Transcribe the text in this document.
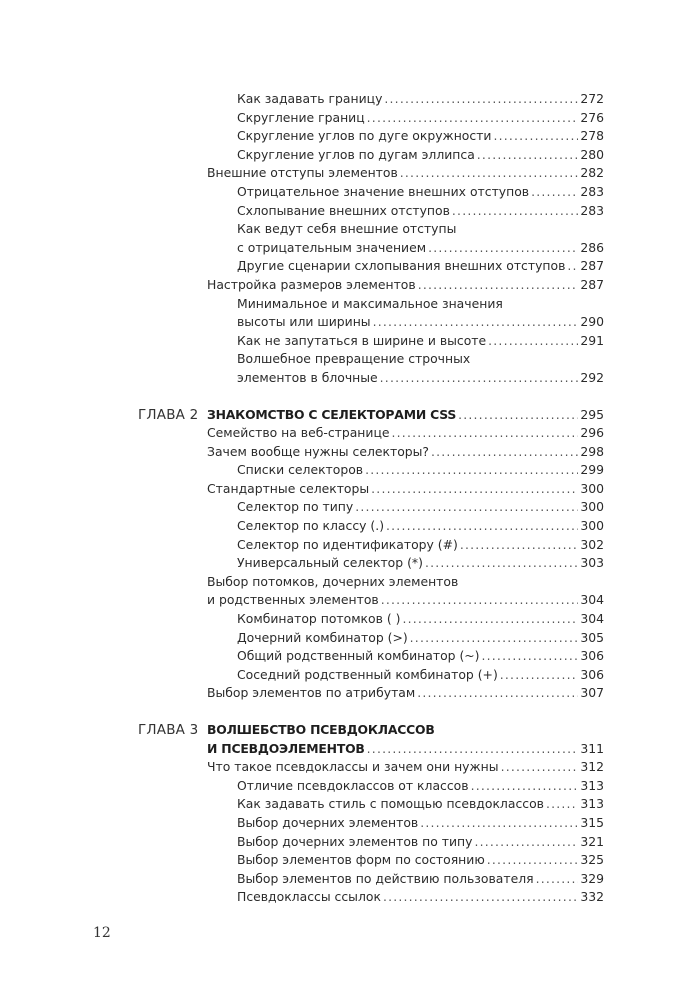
Как задавать границу .....	272
Скругление границ .....	276
Скругление углов по дуге окружности .....	278
Скругление углов по дугам эллипса .....	280
Внешние отступы элементов .....	282
Отрицательное значение внешних отступов .....	283
Схлопывание внешних отступов .....	283
Как ведут себя внешние отступы
с отрицательным значением .....	286
Другие сценарии схлопывания внешних отступов ..... 287
Настройка размеров элементов .....	287
Минимальное и максимальное значения
высоты или ширины .....	290
Как не запутаться в ширине и высоте .....	291
Волшебное превращение строчных
элементов в блочные .....	292
ГЛАВА 2 ЗНАКОМСТВО С СЕЛЕКТОРАМИ CSS .....	295
Семейство на веб-странице .....	296
Зачем вообще нужны селекторы? .....	298
Списки селекторов .....	299
Стандартные селекторы .....	300
Селектор по типу .....	300
Селектор по классу (.) .....	300
Селектор по идентификатору (#) .....	302
Универсальный селектор (*) .....	303
Выбор потомков, дочерних элементов
и родственных элементов .....	304
Комбинатор потомков ( ) .....	304
Дочерний комбинатор (>) .....	305
Общий родственный комбинатор (~) .....	306
Соседний родственный комбинатор (+) .....	306
Выбор элементов по атрибутам .....	307
ГЛАВА 3 ВОЛШЕБСТВО ПСЕВДОКЛАССОВ
И ПСЕВДОЭЛЕМЕНТОВ .....	311
Что такое псевдоклассы и зачем они нужны .....	312
Отличие псевдоклассов от классов .....	313
Как задавать стиль с помощью псевдоклассов .....	313
Выбор дочерних элементов .....	315
Выбор дочерних элементов по типу .....	321
Выбор элементов форм по состоянию .....	325
Выбор элементов по действию пользователя .....	329
Псевдоклассы ссылок .....	332
12
